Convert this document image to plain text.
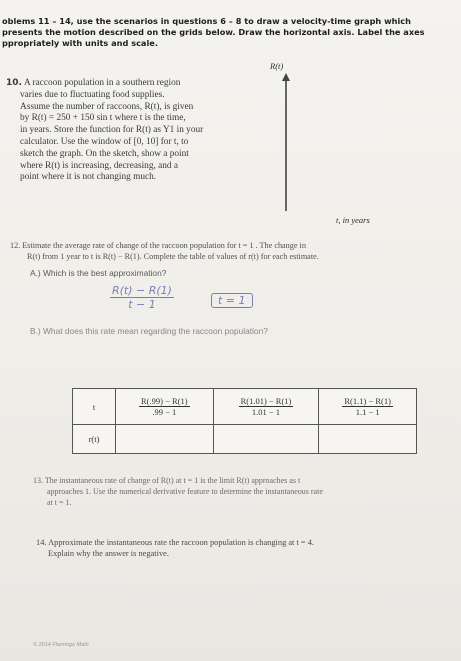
oblems 11 – 14, use the scenarios in questions 6 – 8 to draw a velocity-time graph which
presents the motion described on the grids below. Draw the horizontal axis. Label the axes
ppropriately with units and scale.
10. A raccoon population in a southern region
varies due to fluctuating food supplies.
Assume the number of raccoons, R(t), is given
by R(t) = 250 + 150 sin t where t is the time,
in years. Store the function for R(t) as Y1 in your
calculator. Use the window of [0, 10] for t, to
sketch the graph. On the sketch, show a point
where R(t) is increasing, decreasing, and a
point where it is not changing much.
R(t)
t, in years
12. Estimate the average rate of change of the raccoon population for t = 1 . The change in
R(t) from 1 year to t is R(t) − R(1). Complete the table of values of r(t) for each estimate.
A.) Which is the best approximation?
$\frac{R(t) - R(1)}{t - 1}$	t = 1
B.) What does this rate mean regarding the raccoon population?
t	$\frac{R(.99) - R(1)}{.99 - 1}$	$\frac{R(1.01) - R(1)}{1.01 - 1}$	$\frac{R(1.1) - R(1)}{1.1 - 1}$

r(t)			
13. The instantaneous rate of change of R(t) at t = 1 is the limit R(t) approaches as t
approaches 1. Use the numerical derivative feature to determine the instantaneous rate
at t = 1.
14. Approximate the instantaneous rate the raccoon population is changing at t = 4.
Explain why the answer is negative.
© 2014 Flamingo Math
